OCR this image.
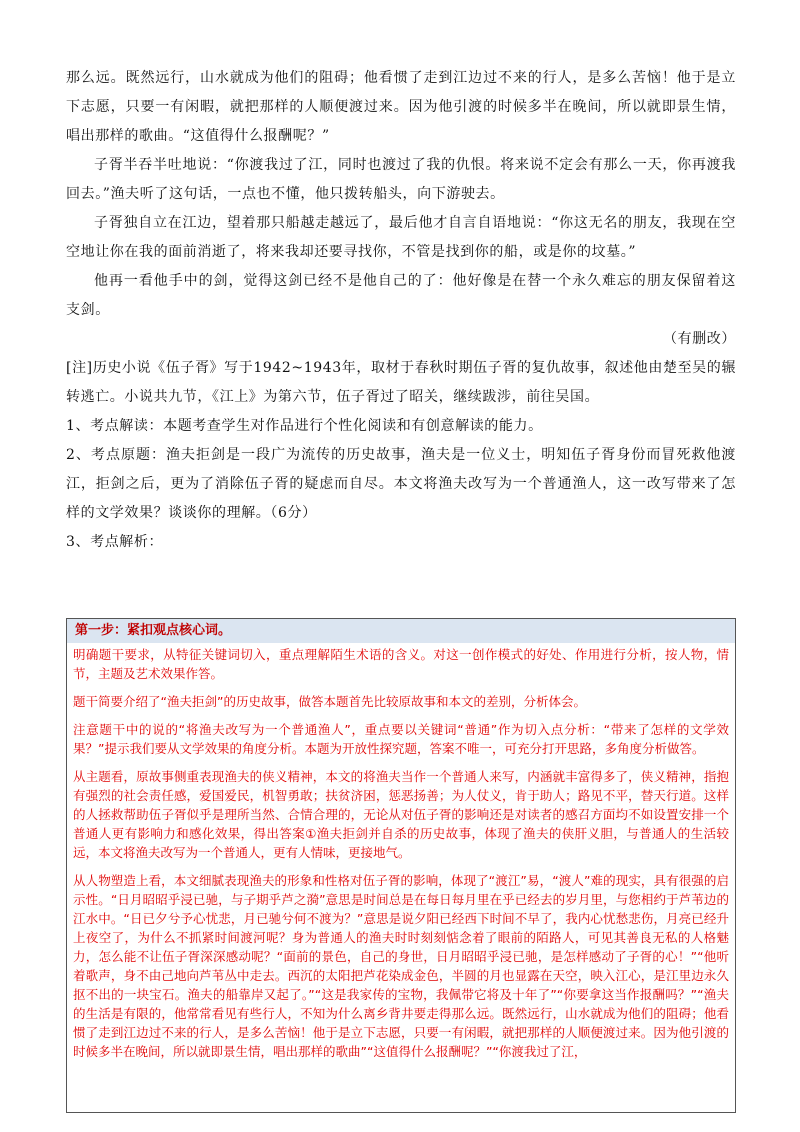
那么远。既然远行，山水就成为他们的阻碍；他看惯了走到江边过不来的行人，是多么苦恼！他于是立下志愿，只要一有闲暇，就把那样的人顺便渡过来。因为他引渡的时候多半在晚间，所以就即景生情，唱出那样的歌曲。“这值得什么报酬呢？”

子胥半吞半吐地说：“你渡我过了江，同时也渡过了我的仇恨。将来说不定会有那么一天，你再渡我回去。”渔夫听了这句话，一点也不懂，他只拨转船头，向下游驶去。

子胥独自立在江边，望着那只船越走越远了，最后他才自言自语地说：“你这无名的朋友，我现在空空地让你在我的面前消逝了，将来我却还要寻找你，不管是找到你的船，或是你的坟墓。”

他再一看他手中的剑，觉得这剑已经不是他自己的了：他好像是在替一个永久难忘的朋友保留着这支剑。

（有删改）

[注]历史小说《伍子胥》写于1942~1943年，取材于春秋时期伍子胥的复仇故事，叙述他由楚至吴的辗转逃亡。小说共九节，《江上》为第六节，伍子胥过了昭关，继续跋涉，前往吴国。

1、考点解读：本题考查学生对作品进行个性化阅读和有创意解读的能力。

2、考点原题：渔夫拒剑是一段广为流传的历史故事，渔夫是一位义士，明知伍子胥身份而冒死救他渡江，拒剑之后，更为了消除伍子胥的疑虑而自尽。本文将渔夫改写为一个普通渔人，这一改写带来了怎样的文学效果？谈谈你的理解。（6分）

3、考点解析：

第一步：紧扣观点核心词。

明确题干要求，从特征关键词切入，重点理解陌生术语的含义。对这一创作模式的好处、作用进行分析，按人物，情节，主题及艺术效果作答。

题干简要介绍了“渔夫拒剑”的历史故事，做答本题首先比较原故事和本文的差别，分析体会。

注意题干中的说的“将渔夫改写为一个普通渔人”，重点要以关键词“普通”作为切入点分析：“带来了怎样的文学效果？”提示我们要从文学效果的角度分析。本题为开放性探究题，答案不唯一，可充分打开思路，多角度分析做答。

从主题看，原故事侧重表现渔夫的侠义精神，本文的将渔夫当作一个普通人来写，内涵就丰富得多了，侠义精神，指抱有强烈的社会责任感，爱国爱民，机智勇敢；扶贫济困，惩恶扬善；为人仗义，肯于助人；路见不平，替天行道。这样的人拯救帮助伍子胥似乎是理所当然、合情合理的，无论从对伍子胥的影响还是对读者的感召方面均不如设置安排一个普通人更有影响力和感化效果，得出答案①渔夫拒剑并自杀的历史故事，体现了渔夫的侠肝义胆，与普通人的生活较远，本文将渔夫改写为一个普通人，更有人情味，更接地气。

从人物塑造上看，本文细腻表现渔夫的形象和性格对伍子胥的影响，体现了“渡江”易，“渡人”难的现实，具有很强的启示性。“日月昭昭乎浸已驰，与子期乎芦之漪”意思是时间总是在每日每月里在乎已经去的岁月里，与您相约于芦苇边的江水中。“日已夕兮予心忧悲，月已驰兮何不渡为？”意思是说夕阳已经西下时间不早了，我内心忧愁悲伤，月亮已经升上夜空了，为什么不抓紧时间渡河呢？身为普通人的渔夫时时刻刻惦念着了眼前的陌路人，可见其善良无私的人格魅力，怎么能不让伍子胥深深感动呢？“面前的景色，自己的身世，日月昭昭乎浸已驰，是怎样感动了子胥的心！”“他听着歌声，身不由己地向芦苇丛中走去。西沉的太阳把芦花染成金色，半圆的月也显露在天空，映入江心，是江里边永久抠不出的一块宝石。渔夫的船靠岸又起了。”“这是我家传的宝物，我佩带它将及十年了”“你要拿这当作报酬吗？”“渔夫的生活是有限的，他常常看见有些行人，不知为什么离乡背井要走得那么远。既然远行，山水就成为他们的阻碍；他看惯了走到江边过不来的行人，是多么苦恼！他于是立下志愿，只要一有闲暇，就把那样的人顺便渡过来。因为他引渡的时候多半在晚间，所以就即景生情，唱出那样的歌曲”“这值得什么报酬呢？”“你渡我过了江，
